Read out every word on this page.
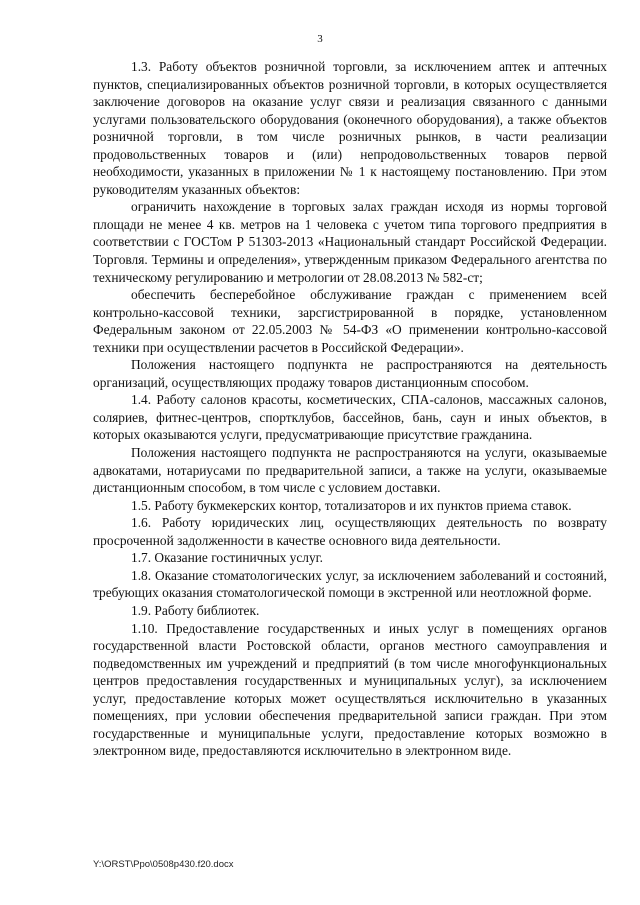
3

1.3. Работу объектов розничной торговли, за исключением аптек и аптечных пунктов, специализированных объектов розничной торговли, в которых осуществляется заключение договоров на оказание услуг связи и реализация связанного с данными услугами пользовательского оборудования (оконечного оборудования), а также объектов розничной торговли, в том числе розничных рынков, в части реализации продовольственных товаров и (или) непродовольственных товаров первой необходимости, указанных в приложении № 1 к настоящему постановлению. При этом руководителям указанных объектов:

ограничить нахождение в торговых залах граждан исходя из нормы торговой площади не менее 4 кв. метров на 1 человека с учетом типа торгового предприятия в соответствии с ГОСТом Р 51303-2013 «Национальный стандарт Российской Федерации. Торговля. Термины и определения», утвержденным приказом Федерального агентства по техническому регулированию и метрологии от 28.08.2013 № 582-ст;

обеспечить бесперебойное обслуживание граждан с применением всей контрольно-кассовой техники, зарсгистрированной в порядке, установленном Федеральным законом от 22.05.2003 № 54-ФЗ «О применении контрольно-кассовой техники при осуществлении расчетов в Российской Федерации».

Положения настоящего подпункта не распространяются на деятельность организаций, осуществляющих продажу товаров дистанционным способом.

1.4. Работу салонов красоты, косметических, СПА-салонов, массажных салонов, соляриев, фитнес-центров, спортклубов, бассейнов, бань, саун и иных объектов, в которых оказываются услуги, предусматривающие присутствие гражданина.

Положения настоящего подпункта не распространяются на услуги, оказываемые адвокатами, нотариусами по предварительной записи, а также на услуги, оказываемые дистанционным способом, в том числе с условием доставки.

1.5. Работу букмекерских контор, тотализаторов и их пунктов приема ставок.

1.6. Работу юридических лиц, осуществляющих деятельность по возврату просроченной задолженности в качестве основного вида деятельности.

1.7. Оказание гостиничных услуг.

1.8. Оказание стоматологических услуг, за исключением заболеваний и состояний, требующих оказания стоматологической помощи в экстренной или неотложной форме.

1.9. Работу библиотек.

1.10. Предоставление государственных и иных услуг в помещениях органов государственной власти Ростовской области, органов местного самоуправления и подведомственных им учреждений и предприятий (в том числе многофункциональных центров предоставления государственных и муниципальных услуг), за исключением услуг, предоставление которых может осуществляться исключительно в указанных помещениях, при условии обеспечения предварительной записи граждан. При этом государственные и муниципальные услуги, предоставление которых возможно в электронном виде, предоставляются исключительно в электронном виде.

Y:\ORST\Ppo\0508p430.f20.docx
